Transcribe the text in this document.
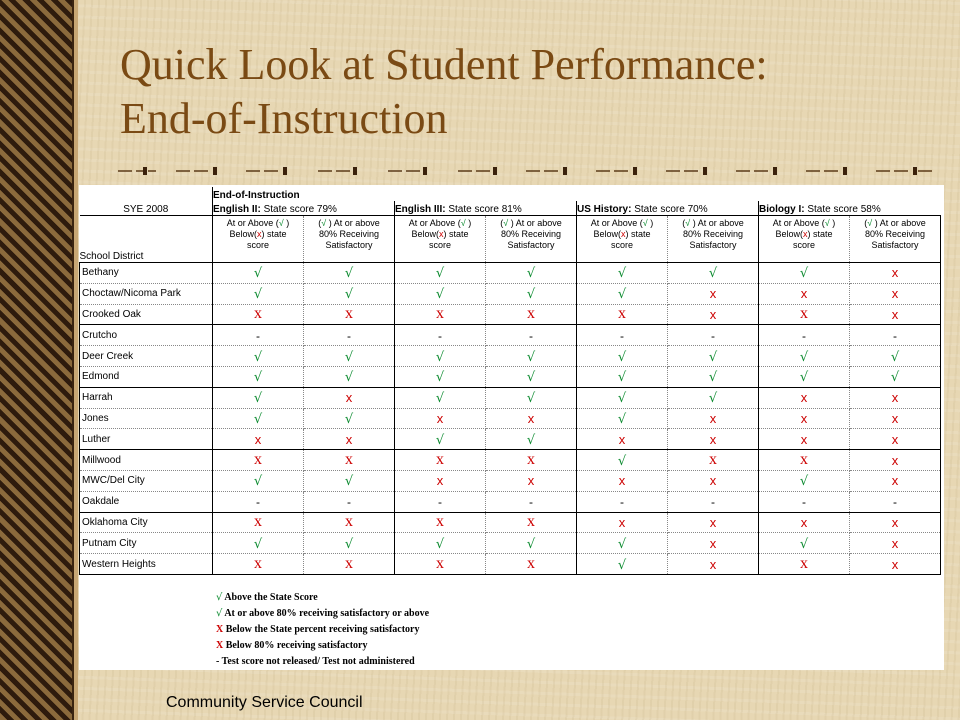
Quick Look at Student Performance:
End-of-Instruction
	End-of-Instruction							
SYE 2008	English II: State score 79%		English III: State score 81%		US History: State score 70%		Biology I: State score 58%	
School District	At or Above (√ )
Below(x) state
score	(√ ) At or above
80% Receiving
Satisfactory	At or Above (√ )
Below(x) state
score	(√ ) At or above
80% Receiving
Satisfactory	At or Above (√ )
Below(x) state
score	(√ ) At or above
80% Receiving
Satisfactory	At or Above (√ )
Below(x) state
score	(√ ) At or above
80% Receiving
Satisfactory
Bethany	√	√	√	√	√	√	√	x
Choctaw/Nicoma Park	√	√	√	√	√	x	x	x
Crooked Oak	x	x	x	x	x	x	x	x
Crutcho	-	-	-	-	-	-	-	-
Deer Creek	√	√	√	√	√	√	√	√
Edmond	√	√	√	√	√	√	√	√
Harrah	√	x	√	√	√	√	x	x
Jones	√	√	x	x	√	x	x	x
Luther	x	x	√	√	x	x	x	x
Millwood	x	x	x	x	√	x	x	x
MWC/Del City	√	√	x	x	x	x	√	x
Oakdale	-	-	-	-	-	-	-	-
Oklahoma City	x	x	x	x	x	x	x	x
Putnam City	√	√	√	√	√	x	√	x
Western Heights	x	x	x	x	√	x	x	x
√ Above the State Score
√ At or above 80% receiving satisfactory or above
X Below the State percent receiving satisfactory
X Below 80% receiving satisfactory
- Test score not released/ Test not administered
Community Service Council
